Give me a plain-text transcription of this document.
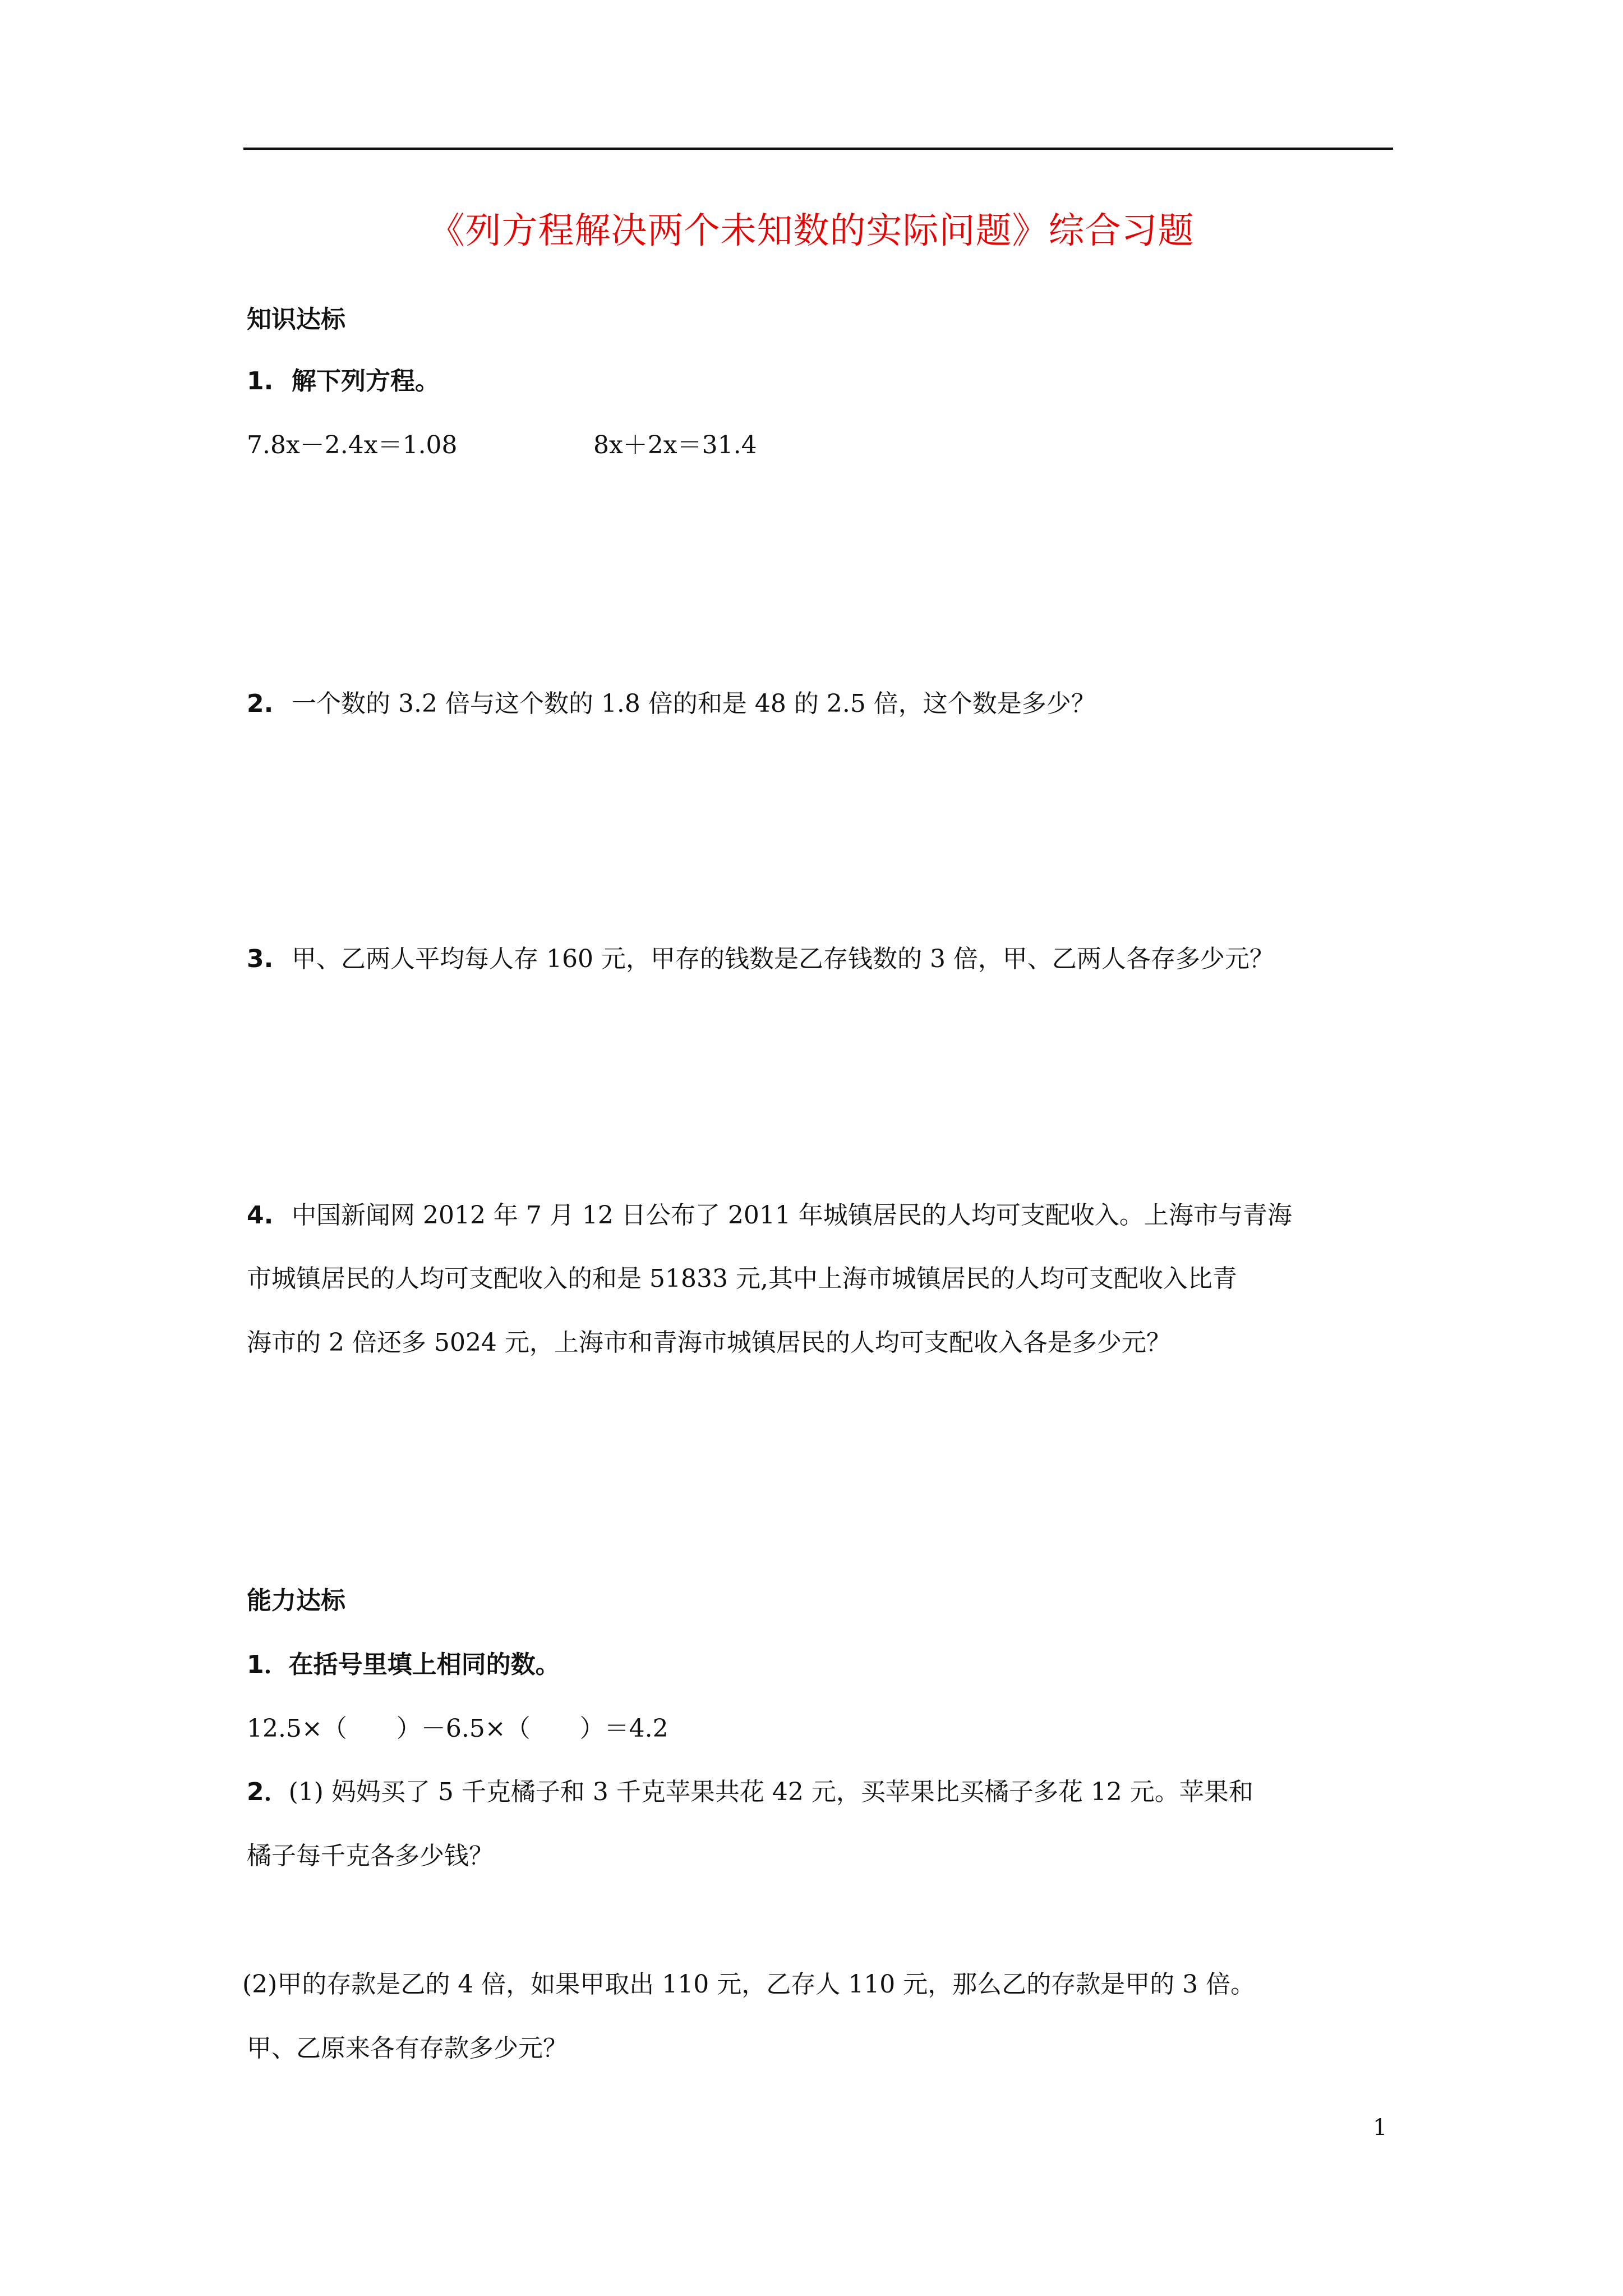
《列方程解决两个未知数的实际问题》综合习题
知识达标
1. 解下列方程。
7.8x－2.4x＝1.08	8x＋2x＝31.4
2. 一个数的 3.2 倍与这个数的 1.8 倍的和是 48 的 2.5 倍，这个数是多少？
3. 甲、乙两人平均每人存 160 元，甲存的钱数是乙存钱数的 3 倍，甲、乙两人各存多少元？
4. 中国新闻网 2012 年 7 月 12 日公布了 2011 年城镇居民的人均可支配收入。上海市与青海
市城镇居民的人均可支配收入的和是 51833 元,其中上海市城镇居民的人均可支配收入比青
海市的 2 倍还多 5024 元，上海市和青海市城镇居民的人均可支配收入各是多少元？
能力达标
1．在括号里填上相同的数。
12.5×（　　）－6.5×（　　）＝4.2
2．(1) 妈妈买了 5 千克橘子和 3 千克苹果共花 42 元，买苹果比买橘子多花 12 元。苹果和
橘子每千克各多少钱？
(2)甲的存款是乙的 4 倍，如果甲取出 110 元，乙存人 110 元，那么乙的存款是甲的 3 倍。
甲、乙原来各有存款多少元？
1
